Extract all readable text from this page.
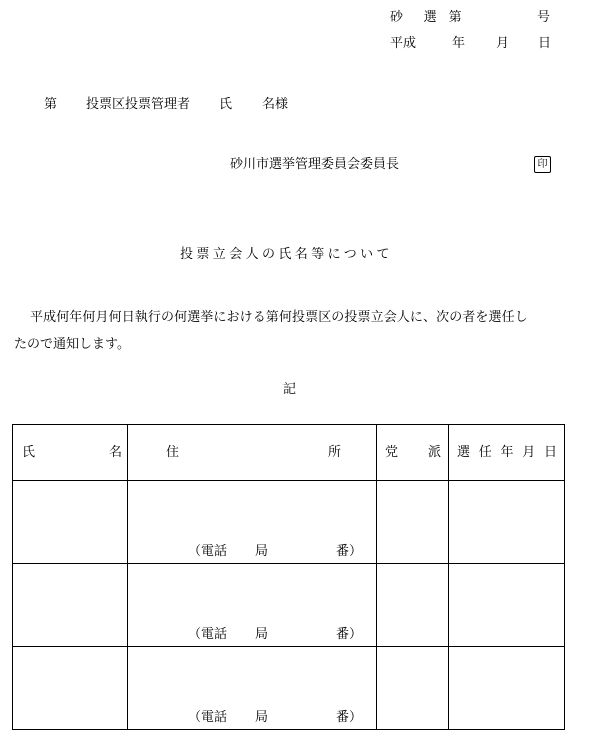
砂 選 第	号
平成	年 月 日
第 投票区投票管理者 氏 名様
砂川市選挙管理委員会委員長	印
投票立会人の氏名等について
平成何年何月何日執行の何選挙における第何投票区の投票立会人に、次の者を選任し
たので通知します。
記
氏 名	住 所	党 派	選 任 年 月 日

	（電話 局 番）		

	（電話 局 番）		

	（電話 局 番）		
